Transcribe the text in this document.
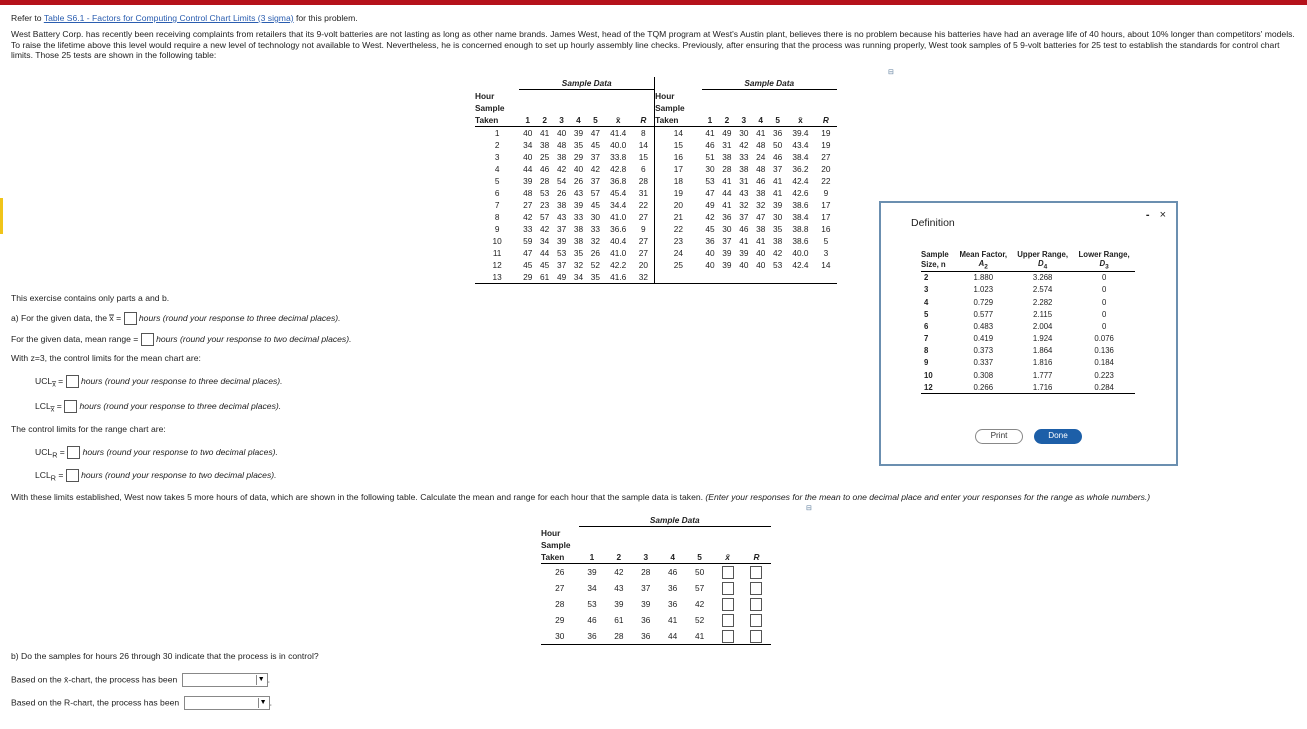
Refer to Table S6.1 - Factors for Computing Control Chart Limits (3 sigma) for this problem.
West Battery Corp. has recently been receiving complaints from retailers that its 9-volt batteries are not lasting as long as other name brands. James West, head of the TQM program at West's Austin plant, believes there is no problem because his batteries have had an average life of 40 hours, about 10% longer than competitors' models. To raise the lifetime above this level would require a new level of technology not available to West. Nevertheless, he is concerned enough to set up hourly assembly line checks. Previously, after ensuring that the process was running properly, West took samples of 5 9-volt batteries for 25 test to establish the standards for control chart limits. Those 25 tests are shown in the following table:
	Sample Data								Sample Data						
Hour								Hour							
Sample								Sample							
Taken	1	2	3	4	5	x̄	R	Taken	1	2	3	4	5	x̄	R
1	40	41	40	39	47	41.4	8	14	41	49	30	41	36	39.4	19
2	34	38	48	35	45	40.0	14	15	46	31	42	48	50	43.4	19
3	40	25	38	29	37	33.8	15	16	51	38	33	24	46	38.4	27
4	44	46	42	40	42	42.8	6	17	30	28	38	48	37	36.2	20
5	39	28	54	26	37	36.8	28	18	53	41	31	46	41	42.4	22
6	48	53	26	43	57	45.4	31	19	47	44	43	38	41	42.6	9
7	27	23	38	39	45	34.4	22	20	49	41	32	32	39	38.6	17
8	42	57	43	33	30	41.0	27	21	42	36	37	47	30	38.4	17
9	33	42	37	38	33	36.6	9	22	45	30	46	38	35	38.8	16
10	59	34	39	38	32	40.4	27	23	36	37	41	41	38	38.6	5
11	47	44	53	35	26	41.0	27	24	40	39	39	40	42	40.0	3
12	45	45	37	32	52	42.2	20	25	40	39	40	40	53	42.4	14
13	29	61	49	34	35	41.6	32								
⊟
This exercise contains only parts a and b.
a) For the given data, the x̿ =  hours (round your response to three decimal places).
For the given data, mean range =  hours (round your response to two decimal places).
With z=3, the control limits for the mean chart are:
$UCL_{x̿}$ =  hours (round your response to three decimal places).
$LCL_{x̿}$ =  hours (round your response to three decimal places).
The control limits for the range chart are:
$UCL_R$ =  hours (round your response to two decimal places).
$LCL_R$ =  hours (round your response to two decimal places).
With these limits established, West now takes 5 more hours of data, which are shown in the following table. Calculate the mean and range for each hour that the sample data is taken. (Enter your responses for the mean to one decimal place and enter your responses for the range as whole numbers.)
⊟
	Sample Data						
Hour							
Sample							
Taken	1	2	3	4	5	x̄	R
26	39	42	28	46	50		
27	34	43	37	36	57		
28	53	39	39	36	42		
29	46	61	36	41	52		
30	36	28	36	44	41		
b) Do the samples for hours 26 through 30 indicate that the process is in control?
Based on the x̄-chart, the process has been	▼ .
Based on the R-chart, the process has been	▼ .
Definition
- ×
Sample	Mean Factor,	Upper Range,	Lower Range,
Size, n	$A_2$	$D_4$	$D_3$
2	1.880	3.268	0
3	1.023	2.574	0
4	0.729	2.282	0
5	0.577	2.115	0
6	0.483	2.004	0
7	0.419	1.924	0.076
8	0.373	1.864	0.136
9	0.337	1.816	0.184
10	0.308	1.777	0.223
12	0.266	1.716	0.284
Print	Done
